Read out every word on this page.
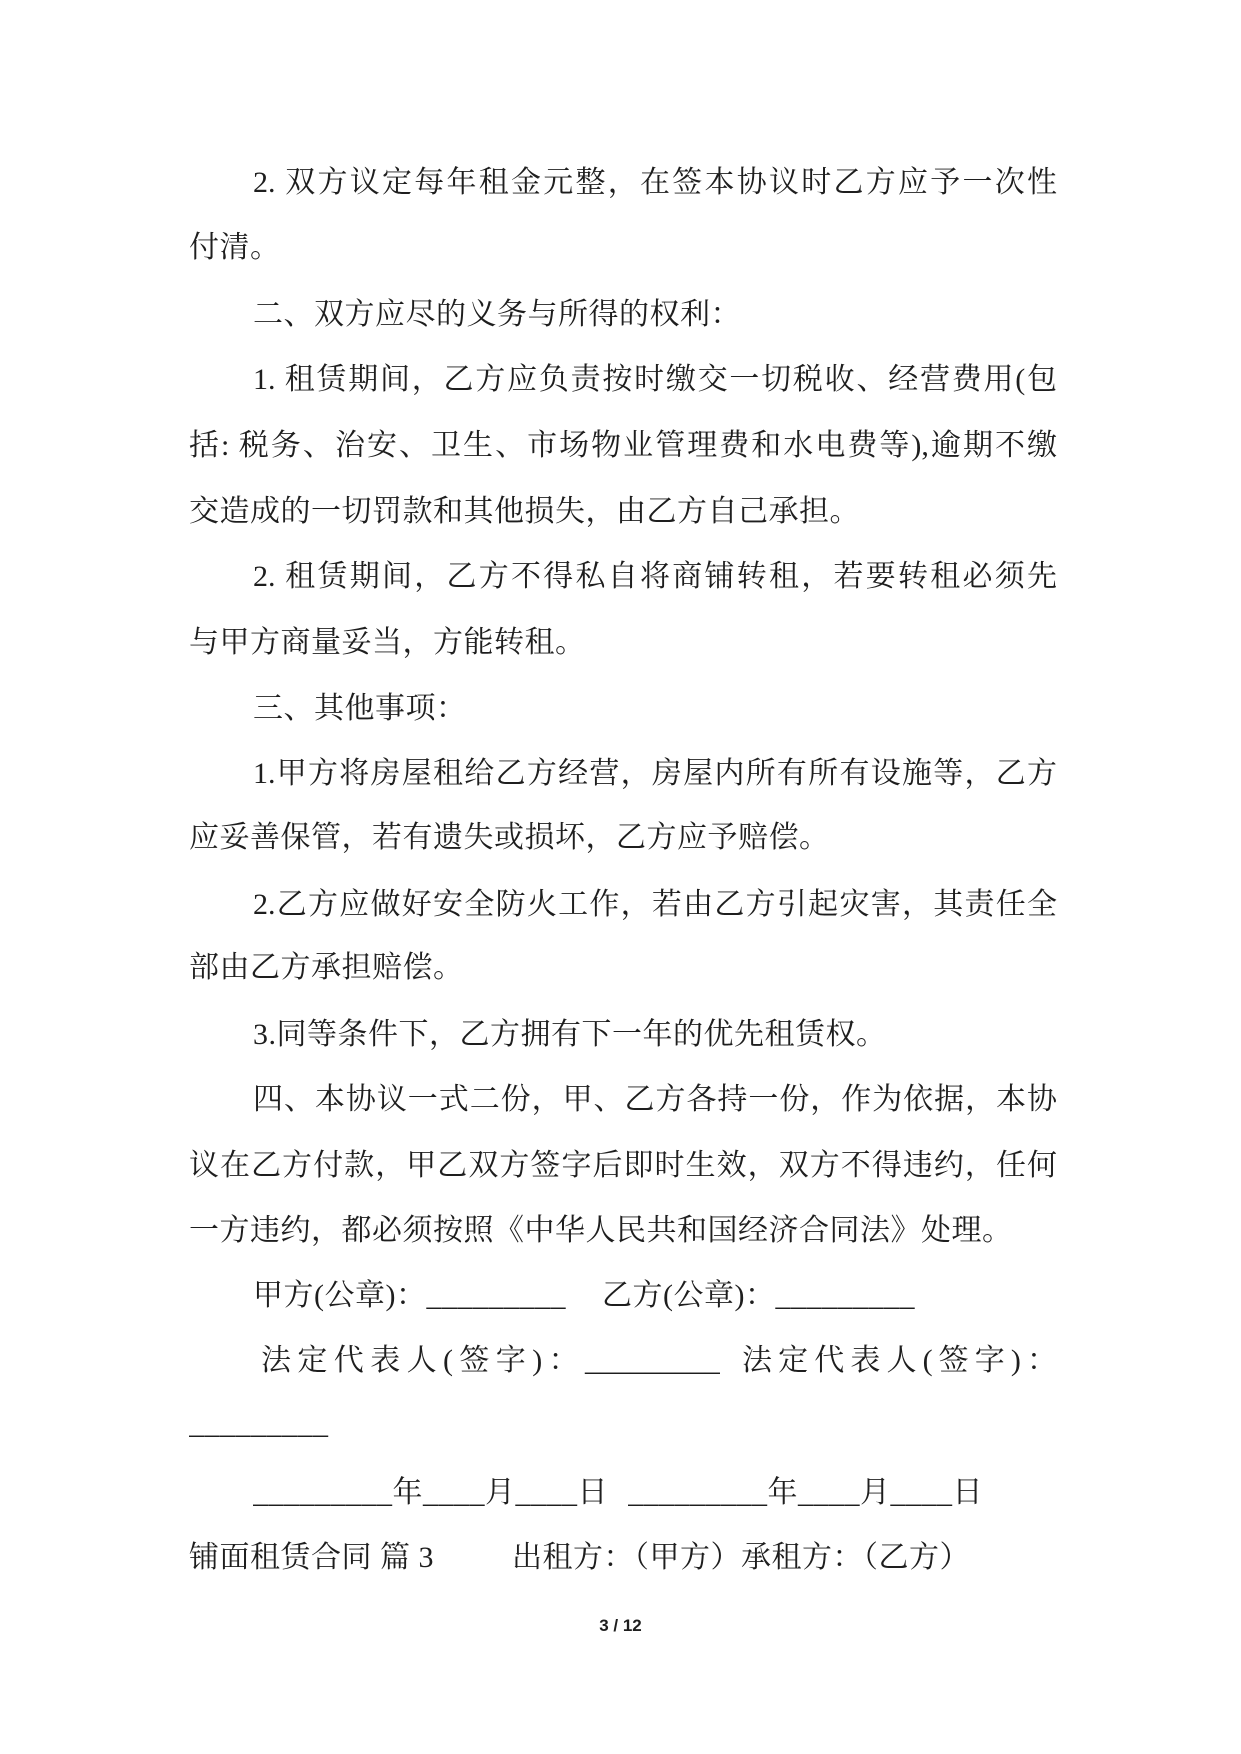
2. 双方议定每年租金元整，在签本协议时乙方应予一次性
付清。
二、双方应尽的义务与所得的权利：
1. 租赁期间，乙方应负责按时缴交一切税收、经营费用(包
括: 税务、治安、卫生、市场物业管理费和水电费等),逾期不缴
交造成的一切罚款和其他损失，由乙方自己承担。
2. 租赁期间，乙方不得私自将商铺转租，若要转租必须先
与甲方商量妥当，方能转租。
三、其他事项：
1.甲方将房屋租给乙方经营，房屋内所有所有设施等，乙方
应妥善保管，若有遗失或损坏，乙方应予赔偿。
2.乙方应做好安全防火工作，若由乙方引起灾害，其责任全
部由乙方承担赔偿。
3.同等条件下，乙方拥有下一年的优先租赁权。
四、本协议一式二份，甲、乙方各持一份，作为依据，本协
议在乙方付款，甲乙双方签字后即时生效，双方不得违约，任何
一方违约，都必须按照《中华人民共和国经济合同法》处理。
甲方(公章)：_________ 乙方(公章)：_________
法定代表人(签字)：_________ 法定代表人(签字)：
_________
_________年____月____日 _________年____月____日
铺面租赁合同 篇 3	出租方：（甲方）承租方：（乙方）
3 / 12
